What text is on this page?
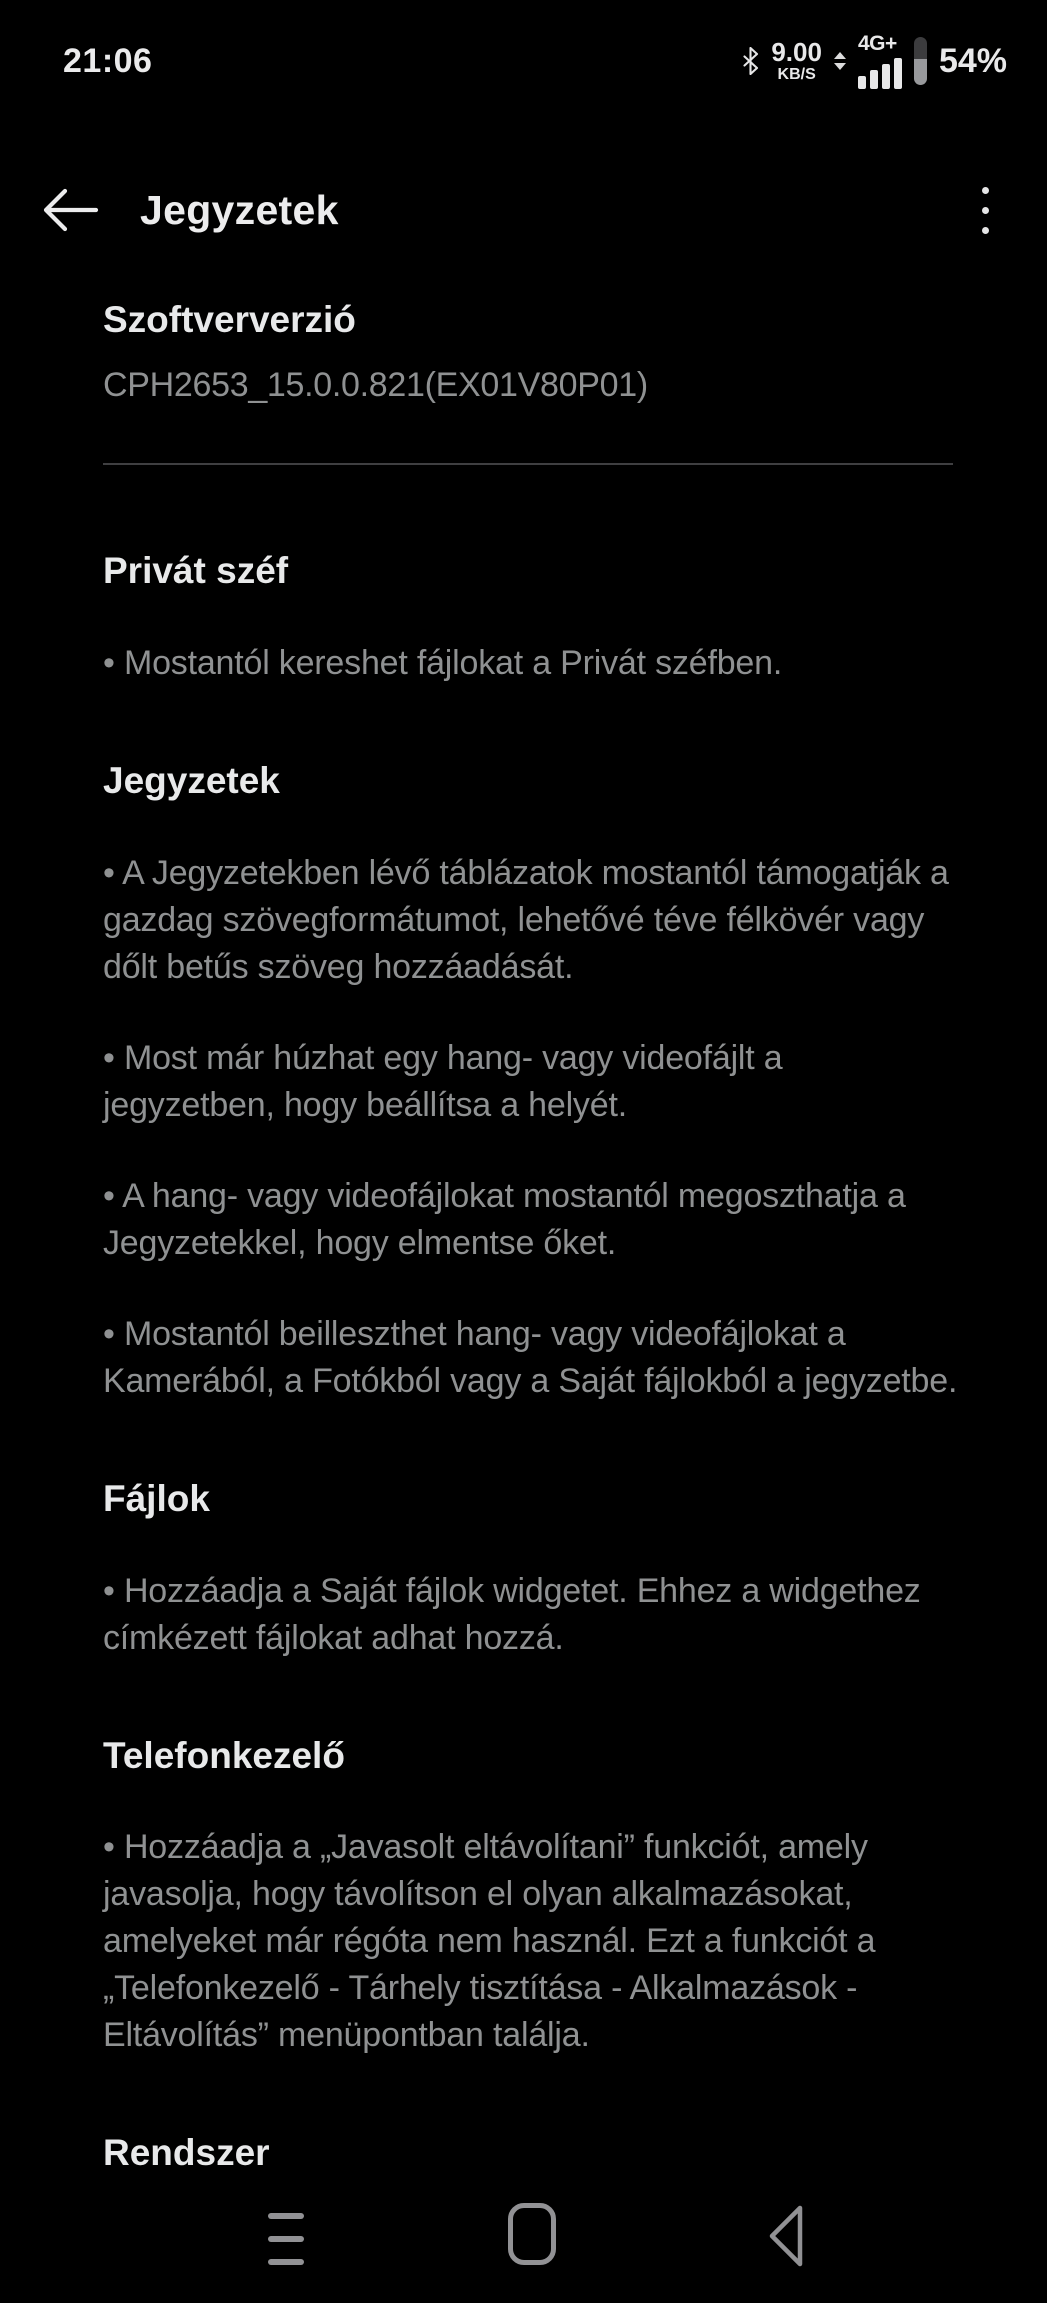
21:06	9.00
KB/S
4G+ 54%
Jegyzetek
Szoftververzió

CPH2653_15.0.0.821(EX01V80P01)

Privát széf

• Mostantól kereshet fájlokat a Privát széfben.

Jegyzetek

• A Jegyzetekben lévő táblázatok mostantól támogatják a gazdag szövegformátumot, lehetővé téve félkövér vagy dőlt betűs szöveg hozzáadását.

• Most már húzhat egy hang- vagy videofájlt a jegyzetben, hogy beállítsa a helyét.

• A hang- vagy videofájlokat mostantól megoszthatja a Jegyzetekkel, hogy elmentse őket.

• Mostantól beilleszthet hang- vagy videofájlokat a Kamerából, a Fotókból vagy a Saját fájlokból a jegyzetbe.

Fájlok

• Hozzáadja a Saját fájlok widgetet. Ehhez a widgethez címkézett fájlokat adhat hozzá.

Telefonkezelő

• Hozzáadja a „Javasolt eltávolítani” funkciót, amely javasolja, hogy távolítson el olyan alkalmazásokat, amelyeket már régóta nem használ. Ezt a funkciót a „Telefonkezelő - Tárhely tisztítása - Alkalmazások - Eltávolítás” menüpontban találja.

Rendszer
